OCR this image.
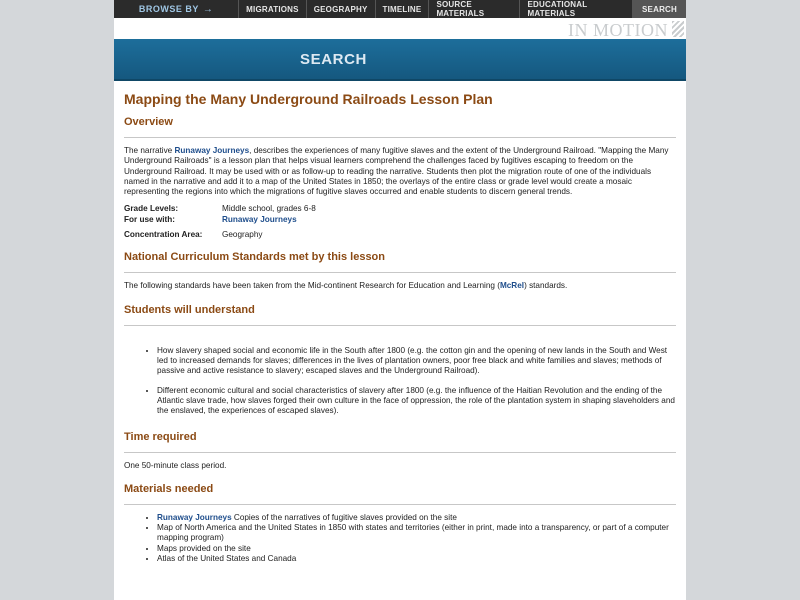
BROWSE BY →	MIGRATIONS	GEOGRAPHY	TIMELINE	SOURCE MATERIALS
EDUCATIONAL MATERIALS	SEARCH
IN MOTION
SEARCH
Mapping the Many Underground Railroads Lesson Plan
Overview

The narrative Runaway Journeys, describes the experiences of many fugitive slaves and the extent of the Underground Railroad. "Mapping the Many Underground Railroads" is a lesson plan that helps visual learners comprehend the challenges faced by fugitives escaping to freedom on the Underground Railroad. It may be used with or as follow-up to reading the narrative. Students then plot the migration route of one of the individuals named in the narrative and add it to a map of the United States in 1850; the overlays of the entire class or grade level would create a mosaic representing the regions into which the migrations of fugitive slaves occurred and enable students to discern general trends.

Grade Levels:	Middle school, grades 6-8
For use with:	Runaway Journeys

Concentration Area:	Geography
National Curriculum Standards met by this lesson

The following standards have been taken from the Mid-continent Research for Education and Learning (McRel) standards.

Students will understand
• How slavery shaped social and economic life in the South after 1800 (e.g. the cotton gin and the opening of new lands in the South and West led to increased demands for slaves; differences in the lives of plantation owners, poor free black and white families and slaves; methods of passive and active resistance to slavery; escaped slaves and the Underground Railroad).
• Different economic cultural and social characteristics of slavery after 1800 (e.g. the influence of the Haitian Revolution and the ending of the Atlantic slave trade, how slaves forged their own culture in the face of oppression, the role of the plantation system in shaping slaveholders and the enslaved, the experiences of escaped slaves).
Time required

One 50-minute class period.

Materials needed
• Runaway Journeys Copies of the narratives of fugitive slaves provided on the site
• Map of North America and the United States in 1850 with states and territories (either in print, made into a transparency, or part of a computer mapping program)
• Maps provided on the site
• Atlas of the United States and Canada
